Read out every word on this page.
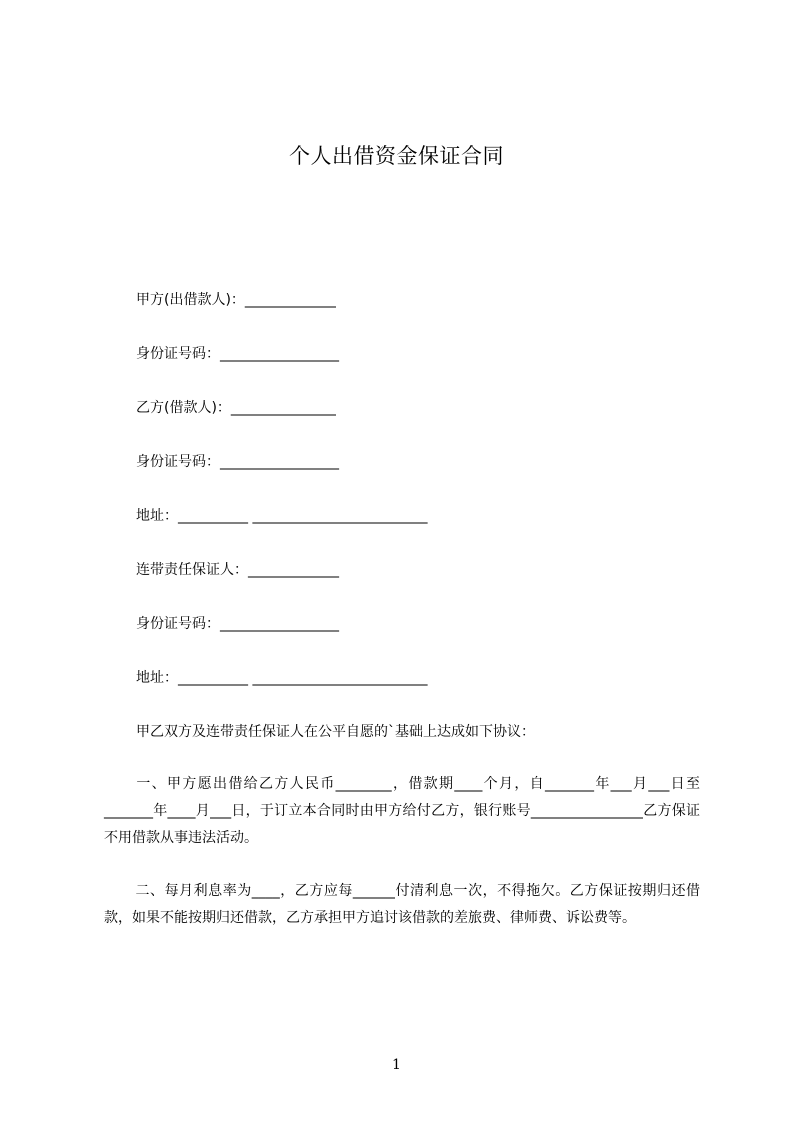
个人出借资金保证合同
甲方(出借款人)：_____________
身份证号码：_________________
乙方(借款人)：_______________
身份证号码：_________________
地址：__________ _________________________
连带责任保证人：_____________
身份证号码：_________________
地址：__________ _________________________
甲乙双方及连带责任保证人在公平自愿的`基础上达成如下协议：
一、甲方愿出借给乙方人民币________，借款期____个月，自_______年___月___日至_______年____月___日，于订立本合同时由甲方给付乙方，银行账号________________乙方保证不用借款从事违法活动。
二、每月利息率为____，乙方应每______付清利息一次，不得拖欠。乙方保证按期归还借款，如果不能按期归还借款，乙方承担甲方追讨该借款的差旅费、律师费、诉讼费等。
1
